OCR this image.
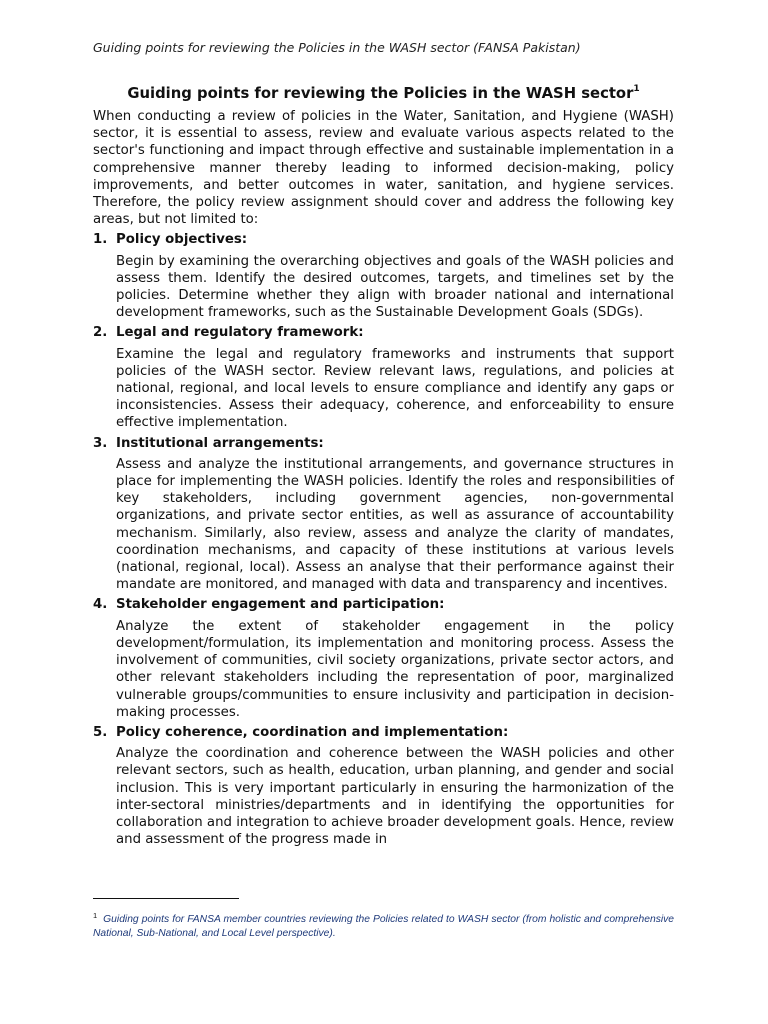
Guiding points for reviewing the Policies in the WASH sector (FANSA Pakistan)

Guiding points for reviewing the Policies in the WASH sector$^1$

When conducting a review of policies in the Water, Sanitation, and Hygiene (WASH) sector, it is essential to assess, review and evaluate various aspects related to the sector's functioning and impact through effective and sustainable implementation in a comprehensive manner thereby leading to informed decision-making, policy improvements, and better outcomes in water, sanitation, and hygiene services. Therefore, the policy review assignment should cover and address the following key areas, but not limited to:

1. Policy objectives:
Begin by examining the overarching objectives and goals of the WASH policies and assess them. Identify the desired outcomes, targets, and timelines set by the policies. Determine whether they align with broader national and international development frameworks, such as the Sustainable Development Goals (SDGs).
2. Legal and regulatory framework:
Examine the legal and regulatory frameworks and instruments that support policies of the WASH sector. Review relevant laws, regulations, and policies at national, regional, and local levels to ensure compliance and identify any gaps or inconsistencies. Assess their adequacy, coherence, and enforceability to ensure effective implementation.
3. Institutional arrangements:
Assess and analyze the institutional arrangements, and governance structures in place for implementing the WASH policies. Identify the roles and responsibilities of key stakeholders, including government agencies, non-governmental organizations, and private sector entities, as well as assurance of accountability mechanism. Similarly, also review, assess and analyze the clarity of mandates, coordination mechanisms, and capacity of these institutions at various levels (national, regional, local). Assess an analyse that their performance against their mandate are monitored, and managed with data and transparency and incentives.
4. Stakeholder engagement and participation:
Analyze the extent of stakeholder engagement in the policy development/formulation, its implementation and monitoring process. Assess the involvement of communities, civil society organizations, private sector actors, and other relevant stakeholders including the representation of poor, marginalized vulnerable groups/communities to ensure inclusivity and participation in decision-making processes.
5. Policy coherence, coordination and implementation:
Analyze the coordination and coherence between the WASH policies and other relevant sectors, such as health, education, urban planning, and gender and social inclusion. This is very important particularly in ensuring the harmonization of the inter-sectoral ministries/departments and in identifying the opportunities for collaboration and integration to achieve broader development goals. Hence, review and assessment of the progress made in

$^1$ Guiding points for FANSA member countries reviewing the Policies related to WASH sector (from holistic and comprehensive National, Sub-National, and Local Level perspective).
